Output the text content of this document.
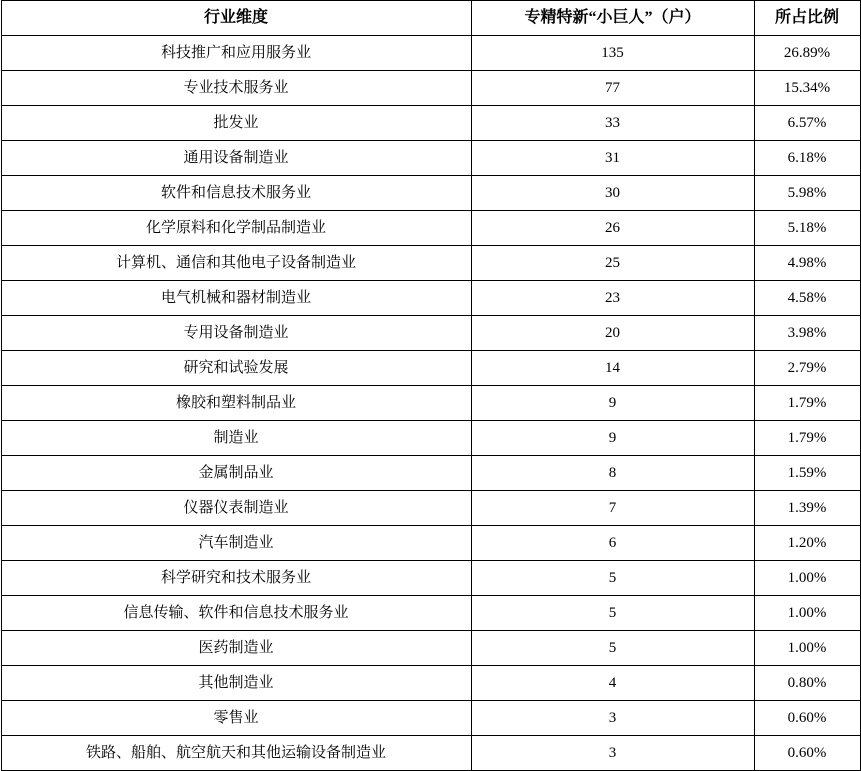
行业维度	专精特新“小巨人”（户）	所占比例
科技推广和应用服务业	135	26.89%
专业技术服务业	77	15.34%
批发业	33	6.57%
通用设备制造业	31	6.18%
软件和信息技术服务业	30	5.98%
化学原料和化学制品制造业	26	5.18%
计算机、通信和其他电子设备制造业	25	4.98%
电气机械和器材制造业	23	4.58%
专用设备制造业	20	3.98%
研究和试验发展	14	2.79%
橡胶和塑料制品业	9	1.79%
制造业	9	1.79%
金属制品业	8	1.59%
仪器仪表制造业	7	1.39%
汽车制造业	6	1.20%
科学研究和技术服务业	5	1.00%
信息传输、软件和信息技术服务业	5	1.00%
医药制造业	5	1.00%
其他制造业	4	0.80%
零售业	3	0.60%
铁路、船舶、航空航天和其他运输设备制造业	3	0.60%
